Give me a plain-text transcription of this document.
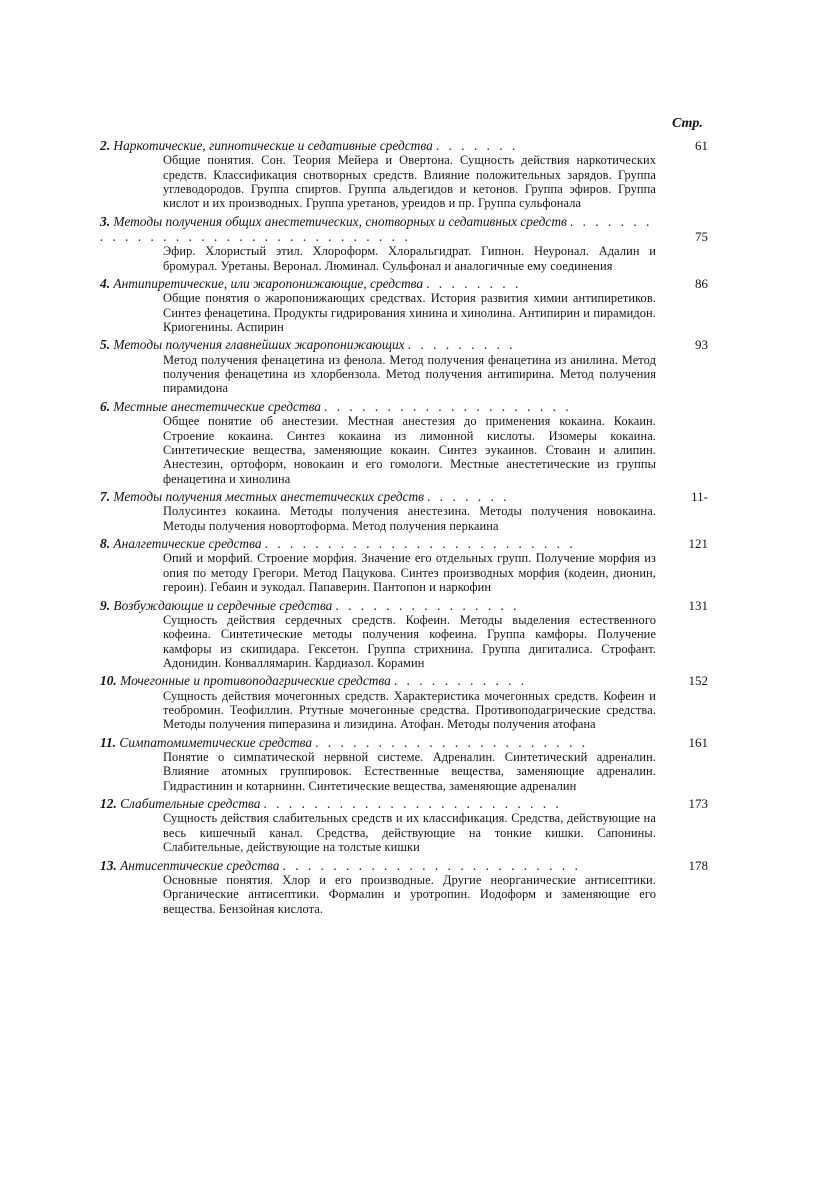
Стр.
2. Наркотические, гипнотические и седативные средства . . . . . . .	61
Общие понятия. Сон. Теория Мейера и Овертона. Сущность действия наркотических средств. Классификация снотворных средств. Влияние положительных зарядов. Группа углеводородов. Группа спиртов. Группа альдегидов и кетонов. Группа эфиров. Группа кислот и их производных. Группа уретанов, уреидов и пр. Группа сульфонала
3. Методы получения общих анестетических, снотворных и седативных средств . . . . . . . . . . . . . . . . . . . . . . . . . . . . . . . .	75
Эфир. Хлористый этил. Хлороформ. Хлоральгидрат. Гипнон. Неуронал. Адалин и бромурал. Уретаны. Веронал. Люминал. Сульфонал и аналогичные ему соединения
4. Антипиретические, или жаропонижающие, средства . . . . . . . .	86
Общие понятия о жаропонижающих средствах. История развития химии антипиретиков. Синтез фенацетина. Продукты гидрирования хинина и хинолина. Антипирин и пирамидон. Криогенины. Аспирин
5. Методы получения главнейших жаропонижающих . . . . . . . . .	93
Метод получения фенацетина из фенола. Метод получения фенацетина из анилина. Метод получения фенацетина из хлорбензола. Метод получения антипирина. Метод получения пирамидона
6. Местные анестетические средства . . . . . . . . . . . . . . . . . . . .
Общее понятие об анестезии. Местная анестезия до применения кокаина. Кокаин. Строение кокаина. Синтез кокаина из лимонной кислоты. Изомеры кокаина. Синтетические вещества, заменяющие кокаин. Синтез эукаинов. Стоваин и алипин. Анестезин, ортоформ, новокаин и его гомологи. Местные анестетические из группы фенацетина и хинолина
7. Методы получения местных анестетических средств . . . . . . .	11-
Полусинтез кокаина. Методы получения анестезина. Методы получения новокаина. Методы получения новортоформа. Метод получения перкаина
8. Аналгетические средства . . . . . . . . . . . . . . . . . . . . . . . . .	121
Опий и морфий. Строение морфия. Значение его отдельных групп. Получение морфия из опия по методу Грегори. Метод Пацукова. Синтез производных морфия (кодеин, дионин, героин). Гебаин и эукодал. Папаверин. Пантопон и наркофин
9. Возбуждающие и сердечные средства . . . . . . . . . . . . . . .	131
Сущность действия сердечных средств. Кофеин. Методы выделения естественного кофеина. Синтетические методы получения кофеина. Группа камфоры. Получение камфоры из скипидара. Гексетон. Группа стрихнина. Группа дигиталиса. Строфант. Адонидин. Конваллямарин. Кардиазол. Корамин
10. Мочегонные и противоподагрические средства . . . . . . . . . . .	152
Сущность действия мочегонных средств. Характеристика мочегонных средств. Кофеин и теобромин. Теофиллин. Ртутные мочегонные средства. Противоподагрические средства. Методы получения пиперазина и лизидина. Атофан. Методы получения атофана
11. Симпатомиметические средства . . . . . . . . . . . . . . . . . . . . . .	161
Понятие о симпатической нервной системе. Адреналин. Синтетический адреналин. Влияние атомных группировок. Естественные вещества, заменяющие адреналин. Гидрастинин и котарнинн. Синтетические вещества, заменяющие адреналин
12. Слабительные средства . . . . . . . . . . . . . . . . . . . . . . . .	173
Сущность действия слабительных средств и их классификация. Средства, действующие на весь кишечный канал. Средства, действующие на тонкие кишки. Сапонины. Слабительные, действующие на толстые кишки
13. Антисептические средства . . . . . . . . . . . . . . . . . . . . . . . .	178
Основные понятия. Хлор и его производные. Другие неорганические антисептики. Органические антисептики. Формалин и уротропин. Иодоформ и заменяющие его вещества. Бензойная кислота.
